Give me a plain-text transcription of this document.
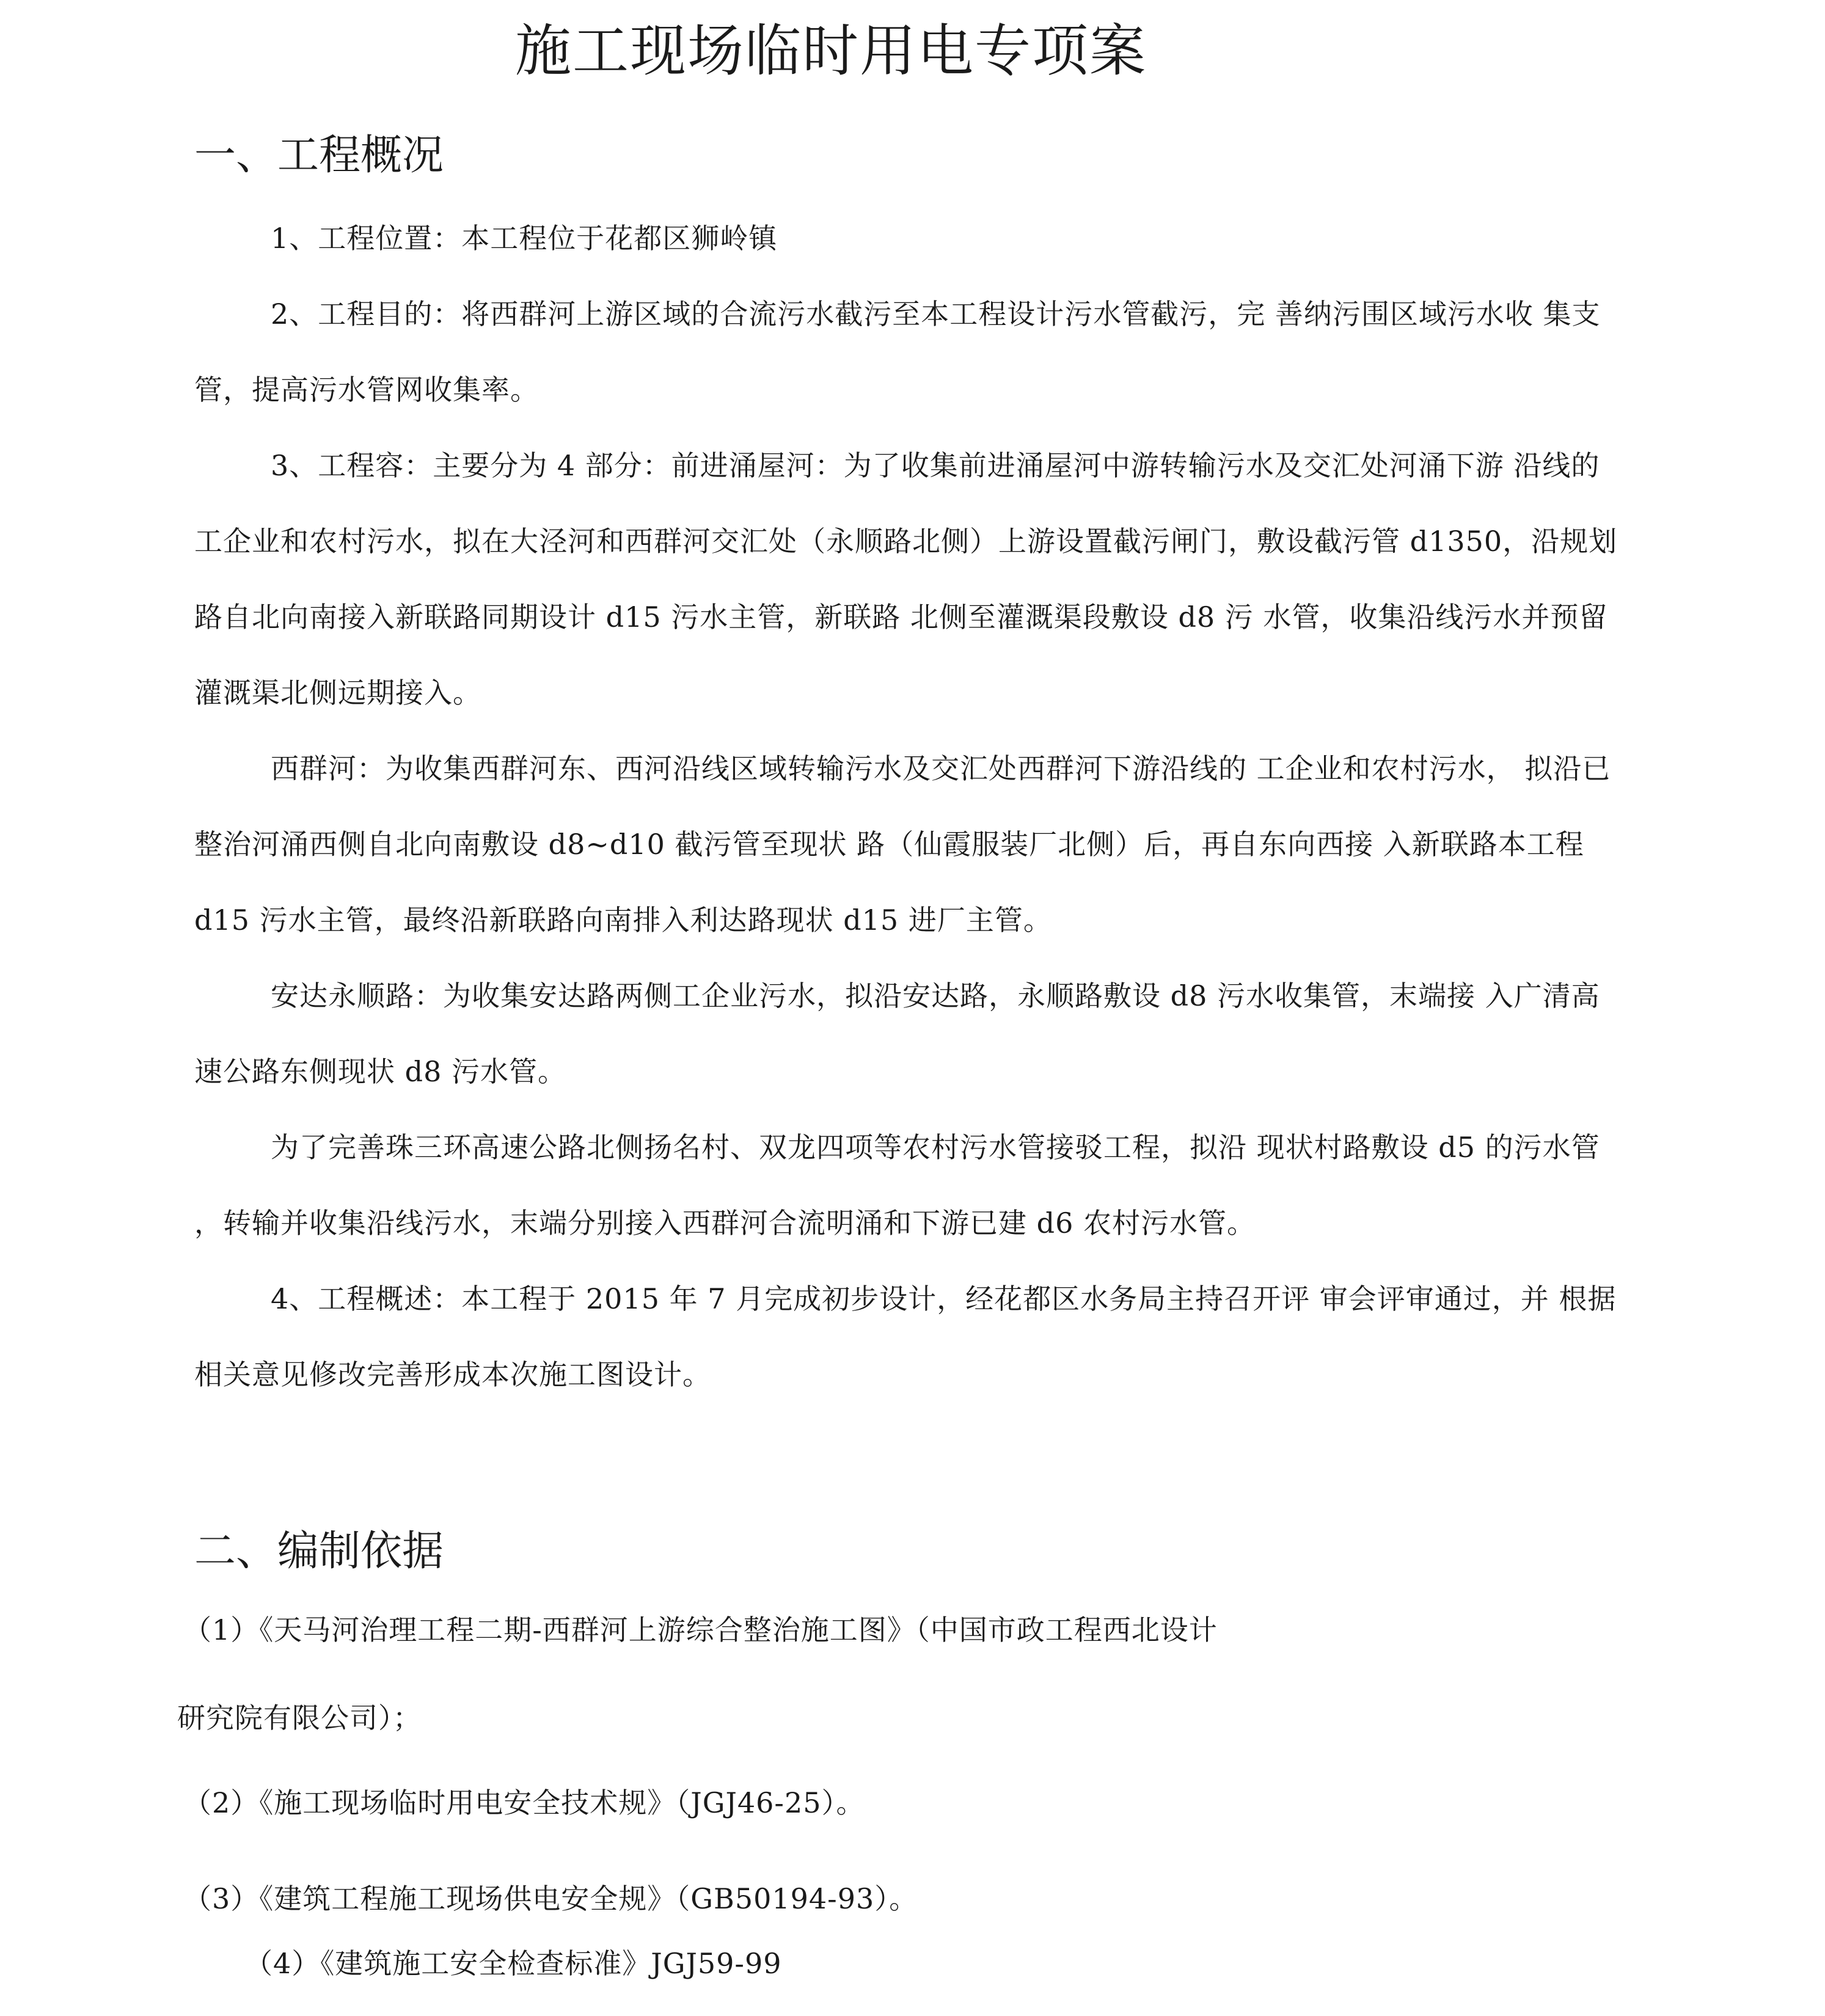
施工现场临时用电专项案
一、工程概况

1、工程位置：本工程位于花都区狮岭镇

2、工程目的：将西群河上游区域的合流污水截污至本工程设计污水管截污，完 善纳污围区域污水收 集支

管，提高污水管网收集率。

3、工程容：主要分为 4 部分：前进涌屋河：为了收集前进涌屋河中游转输污水及交汇处河涌下游 沿线的

工企业和农村污水，拟在大泾河和西群河交汇处（永顺路北侧）上游设置截污闸门，敷设截污管 d1350，沿规划

路自北向南接入新联路同期设计 d15 污水主管，新联路 北侧至灌溉渠段敷设 d8 污 水管，收集沿线污水并预留

灌溉渠北侧远期接入。

西群河：为收集西群河东、西河沿线区域转输污水及交汇处西群河下游沿线的 工企业和农村污水， 拟沿已

整治河涌西侧自北向南敷设 d8~d10 截污管至现状 路（仙霞服装厂北侧）后，再自东向西接 入新联路本工程

d15 污水主管，最终沿新联路向南排入利达路现状 d15 进厂主管。

安达永顺路：为收集安达路两侧工企业污水，拟沿安达路，永顺路敷设 d8 污水收集管，末端接 入广清高

速公路东侧现状 d8 污水管。

为了完善珠三环高速公路北侧扬名村、双龙四项等农村污水管接驳工程，拟沿 现状村路敷设 d5 的污水管

，转输并收集沿线污水，末端分别接入西群河合流明涌和下游已建 d6 农村污水管。

4、工程概述：本工程于 2015 年 7 月完成初步设计，经花都区水务局主持召开评 审会评审通过，并 根据

相关意见修改完善形成本次施工图设计。

二、编制依据

（1）《天马河治理工程二期-西群河上游综合整治施工图》（中国市政工程西北设计

研究院有限公司）；

（2）《施工现场临时用电安全技术规》（JGJ46-25）。

（3）《建筑工程施工现场供电安全规》（GB50194-93）。

（4）《建筑施工安全检查标准》JGJ59-99
